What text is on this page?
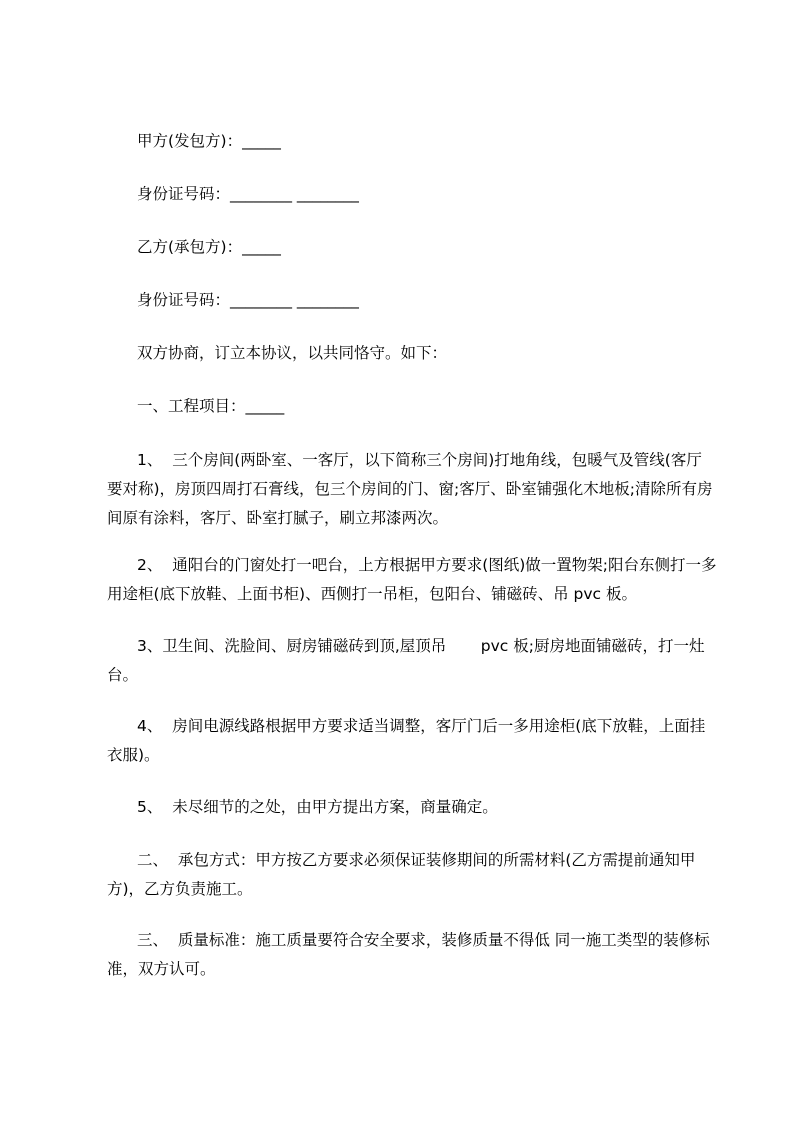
甲方(发包方)：_____
身份证号码：________ ________
乙方(承包方)：_____
身份证号码：________ ________
双方协商，订立本协议，以共同恪守。如下：
一、工程项目：_____
1、  三个房间(两卧室、一客厅，以下简称三个房间)打地角线，包暖气及管线(客厅要对称)，房顶四周打石膏线，包三个房间的门、窗;客厅、卧室铺强化木地板;清除所有房间原有涂料，客厅、卧室打腻子，刷立邦漆两次。
2、  通阳台的门窗处打一吧台，上方根据甲方要求(图纸)做一置物架;阳台东侧打一多用途柜(底下放鞋、上面书柜)、西侧打一吊柜，包阳台、铺磁砖、吊 pvc 板。
3、卫生间、洗脸间、厨房铺磁砖到顶,屋顶吊       pvc 板;厨房地面铺磁砖，打一灶台。
4、  房间电源线路根据甲方要求适当调整，客厅门后一多用途柜(底下放鞋，上面挂衣服)。
5、  未尽细节的之处，由甲方提出方案，商量确定。
二、  承包方式：甲方按乙方要求必须保证装修期间的所需材料(乙方需提前通知甲方)，乙方负责施工。
三、  质量标准：施工质量要符合安全要求，装修质量不得低 同一施工类型的装修标准，双方认可。
